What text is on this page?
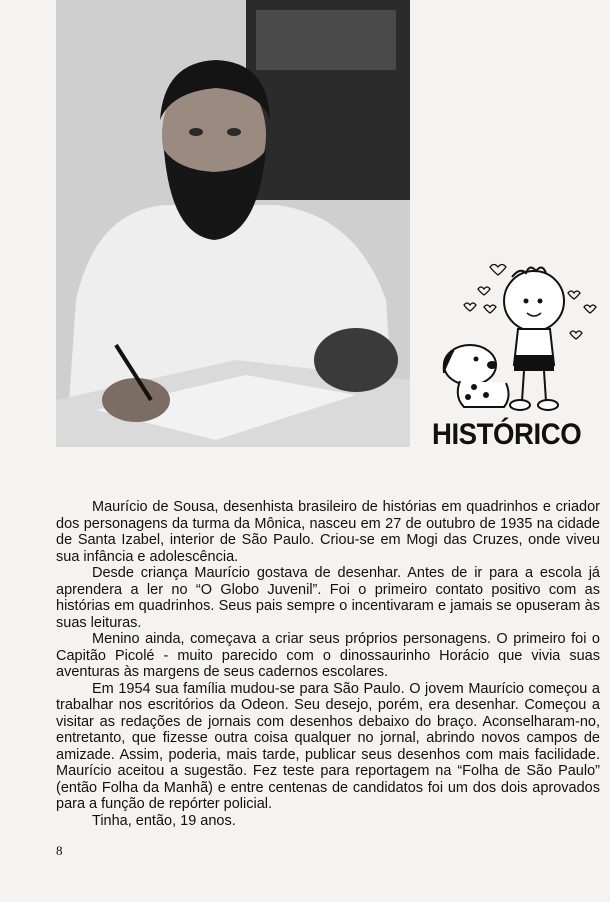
HISTÓRICO

Maurício de Sousa, desenhista brasileiro de histórias em quadrinhos e criador dos personagens da turma da Mônica, nasceu em 27 de outubro de 1935 na cidade de Santa Izabel, interior de São Paulo. Criou-se em Mogi das Cruzes, onde viveu sua infância e adolescência.

Desde criança Maurício gostava de desenhar. Antes de ir para a escola já aprendera a ler no “O Globo Juvenil”. Foi o primeiro contato positivo com as histórias em quadrinhos. Seus pais sempre o incentivaram e jamais se opuseram às suas leituras.

Menino ainda, começava a criar seus próprios personagens. O primeiro foi o Capitão Picolé - muito parecido com o dinossaurinho Horácio que vivia suas aventuras às margens de seus cadernos escolares.

Em 1954 sua família mudou-se para São Paulo. O jovem Maurício começou a trabalhar nos escritórios da Odeon. Seu desejo, porém, era desenhar. Começou a visitar as redações de jornais com desenhos debaixo do braço. Aconselharam-no, entretanto, que fizesse outra coisa qualquer no jornal, abrindo novos campos de amizade. Assim, poderia, mais tarde, publicar seus desenhos com mais facilidade. Maurício aceitou a sugestão. Fez teste para reportagem na “Folha de São Paulo” (então Folha da Manhã) e entre centenas de candidatos foi um dos dois aprovados para a função de repórter policial.

Tinha, então, 19 anos.

8
